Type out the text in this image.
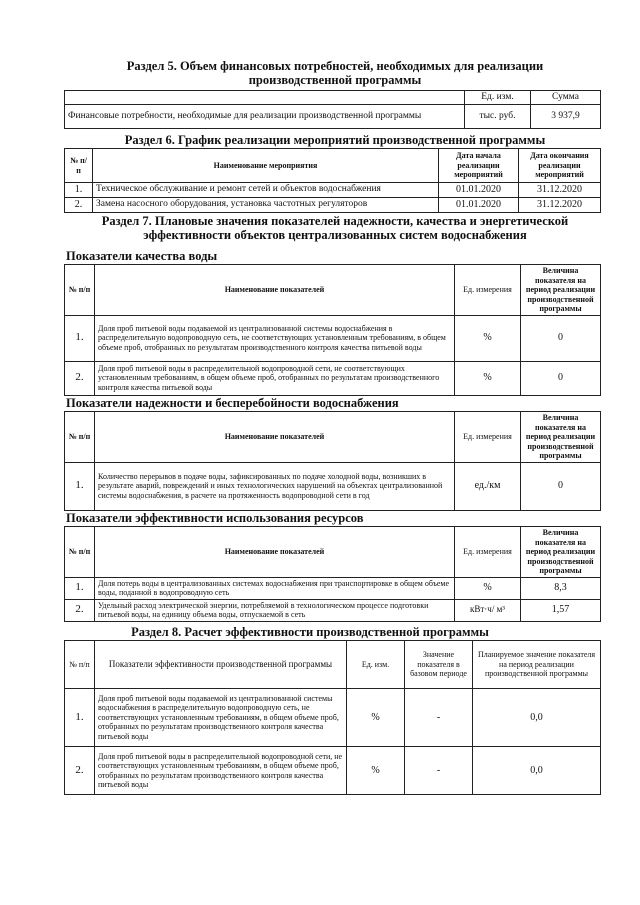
Раздел 5. Объем финансовых потребностей, необходимых для реализации
производственной программы
	Ед. изм.	Сумма
Финансовые потребности, необходимые для реализации производственной программы	тыс. руб.	3 937,9
Раздел 6. График реализации мероприятий производственной программы
№ п/п	Наименование мероприятия	Дата начала реализации мероприятий	Дата окончания реализации мероприятий
1.	Техническое обслуживание и ремонт сетей и объектов водоснабжения	01.01.2020	31.12.2020
2.	Замена насосного оборудования, установка частотных регуляторов	01.01.2020	31.12.2020
Раздел 7. Плановые значения показателей надежности, качества и энергетической
эффективности объектов централизованных систем водоснабжения
Показатели качества воды
№ п/п	Наименование показателей	Ед. измерения	Величина показателя на период реализации производственной программы
1.	Доля проб питьевой воды подаваемой из централизованной системы водоснабжения в распределительную водопроводную сеть, не соответствующих установленным требованиям, в общем объеме проб, отобранных по результатам производственного контроля качества питьевой воды	%	0
2.	Доля проб питьевой воды в распределительной водопроводной сети, не соответствующих установленным требованиям, в общем объеме проб, отобранных по результатам производственного контроля качества питьевой воды	%	0
Показатели надежности и бесперебойности водоснабжения
№ п/п	Наименование показателей	Ед. измерения	Величина показателя на период реализации производственной программы
1.	Количество перерывов в подаче воды, зафиксированных по подаче холодной воды, возникших в результате аварий, повреждений и иных технологических нарушений на объектах централизованной системы водоснабжения, в расчете на протяженность водопроводной сети в год	ед./км	0
Показатели эффективности использования ресурсов
№ п/п	Наименование показателей	Ед. измерения	Величина показателя на период реализации производственной программы
1.	Доля потерь воды в централизованных системах водоснабжения при транспортировке в общем объеме воды, поданной в водопроводную сеть	%	8,3
2.	Удельный расход электрической энергии, потребляемой в технологическом процессе подготовки питьевой воды, на единицу объема воды, отпускаемой в сеть	кВт·ч/ м³	1,57
Раздел 8. Расчет эффективности производственной программы
№ п/п	Показатели эффективности производственной программы	Ед. изм.	Значение показателя в базовом периоде	Планируемое значение показателя на период реализации производственной программы
1.	Доля проб питьевой воды подаваемой из централизованной системы водоснабжения в распределительную водопроводную сеть, не соответствующих установленным требованиям, в общем объеме проб, отобранных по результатам производственного контроля качества питьевой воды	%	-	0,0
2.	Доля проб питьевой воды в распределительной водопроводной сети, не соответствующих установленным требованиям, в общем объеме проб, отобранных по результатам производственного контроля качества питьевой воды	%	-	0,0
